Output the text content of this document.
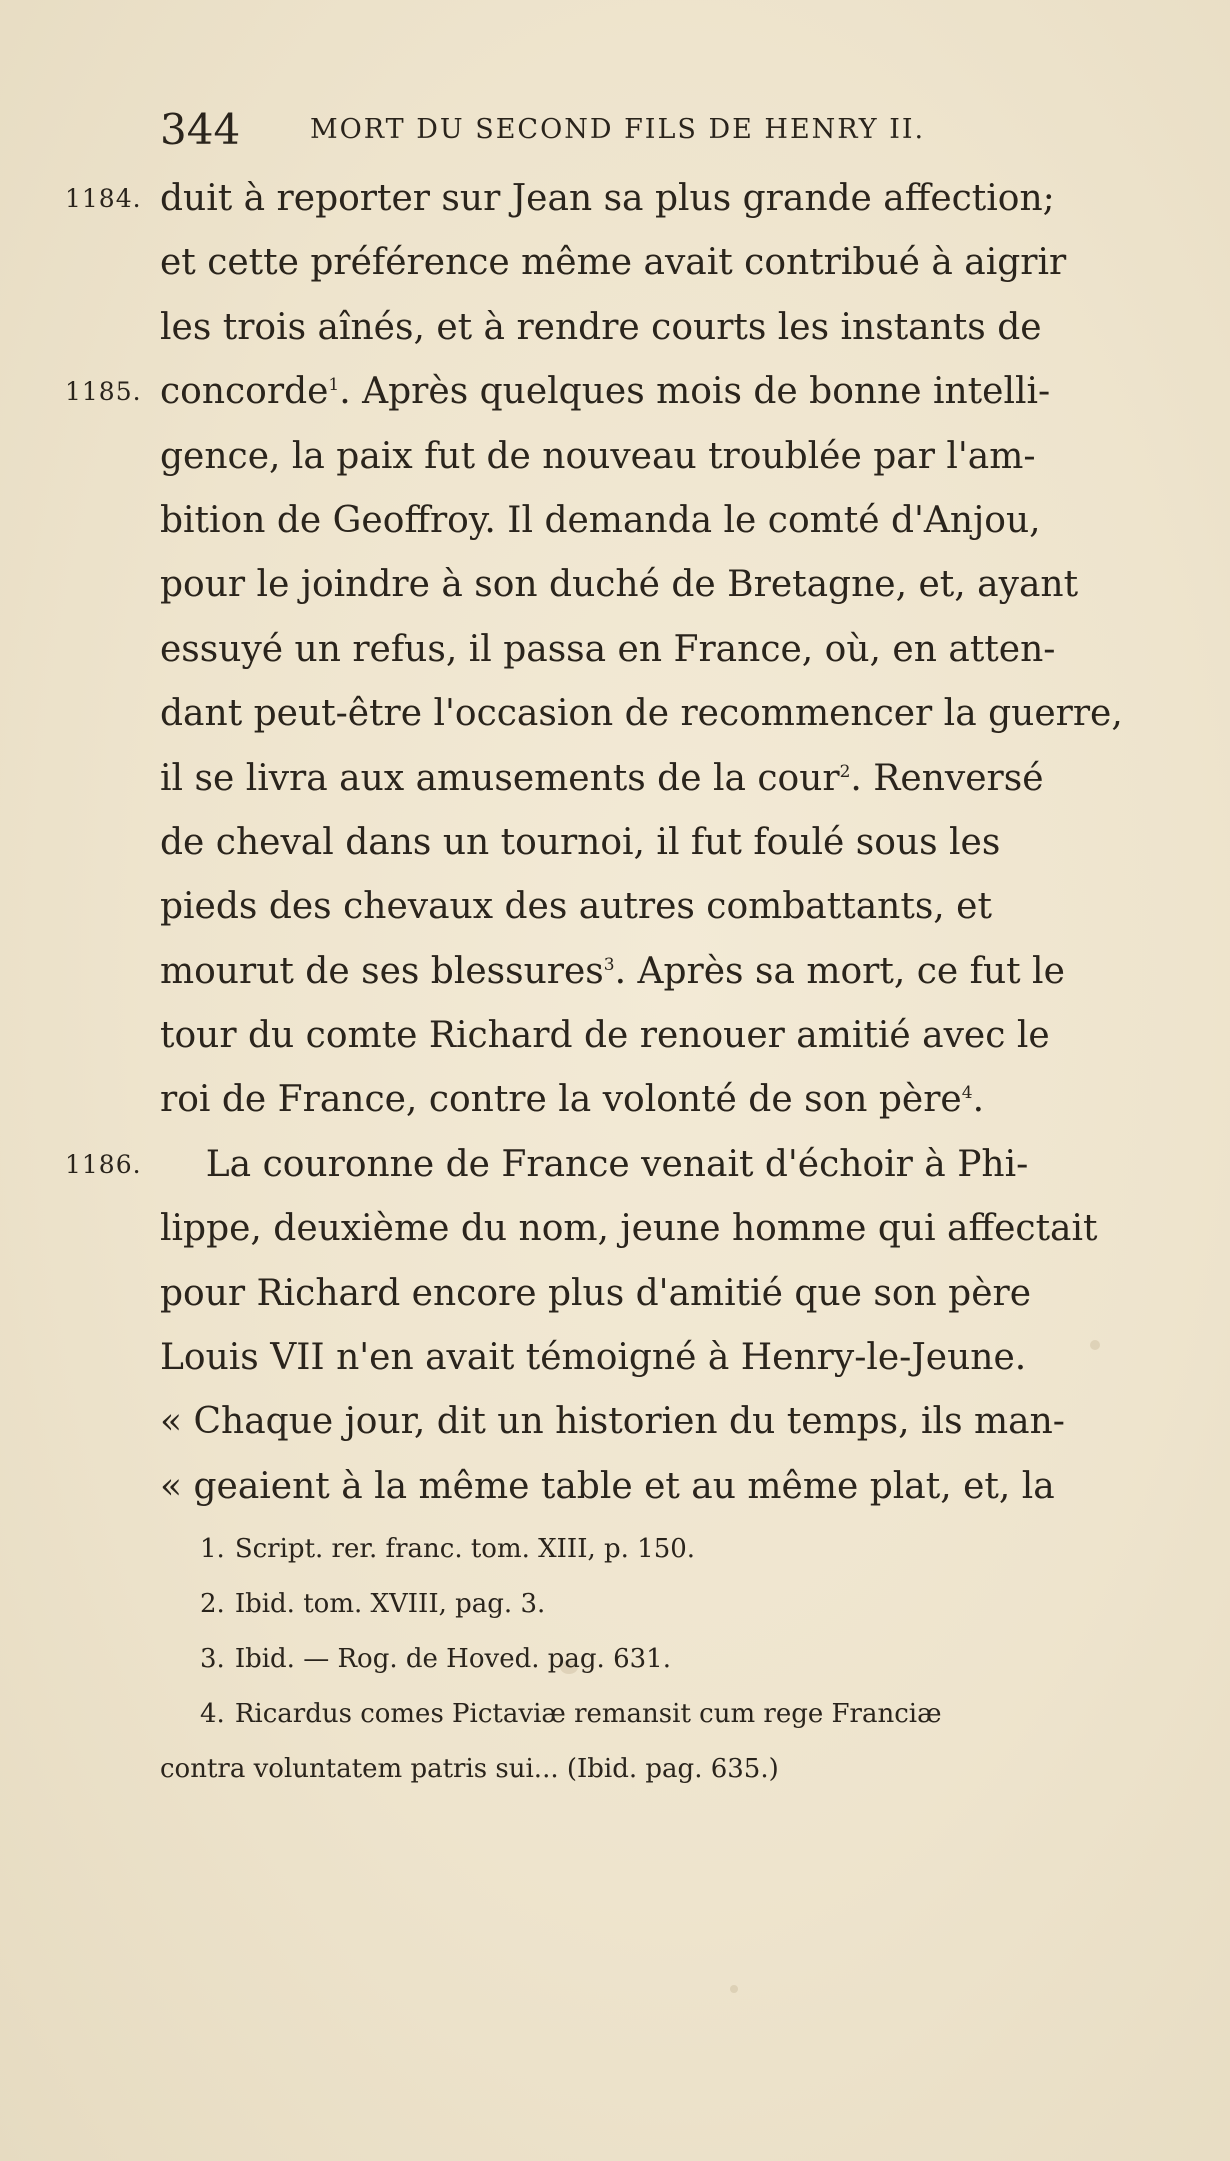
344	MORT DU SECOND FILS DE HENRY II.
1184. duit à reporter sur Jean sa plus grande affection;
et cette préférence même avait contribué à aigrir
les trois aînés, et à rendre courts les instants de
1185. concorde$^1$. Après quelques mois de bonne intelli-
gence, la paix fut de nouveau troublée par l'am-
bition de Geoffroy. Il demanda le comté d'Anjou,
pour le joindre à son duché de Bretagne, et, ayant
essuyé un refus, il passa en France, où, en atten-
dant peut-être l'occasion de recommencer la guerre,
il se livra aux amusements de la cour$^2$. Renversé
de cheval dans un tournoi, il fut foulé sous les
pieds des chevaux des autres combattants, et
mourut de ses blessures$^3$. Après sa mort, ce fut le
tour du comte Richard de renouer amitié avec le
roi de France, contre la volonté de son père$^4$.
1186. La couronne de France venait d'échoir à Phi-
lippe, deuxième du nom, jeune homme qui affectait
pour Richard encore plus d'amitié que son père
Louis VII n'en avait témoigné à Henry-le-Jeune.
« Chaque jour, dit un historien du temps, ils man-
« geaient à la même table et au même plat, et, la
1. Script. rer. franc. tom. XIII, p. 150.
2. Ibid. tom. XVIII, pag. 3.
3. Ibid. — Rog. de Hoved. pag. 631.
4. Ricardus comes Pictaviæ remansit cum rege Franciæ
contra voluntatem patris sui... (Ibid. pag. 635.)
